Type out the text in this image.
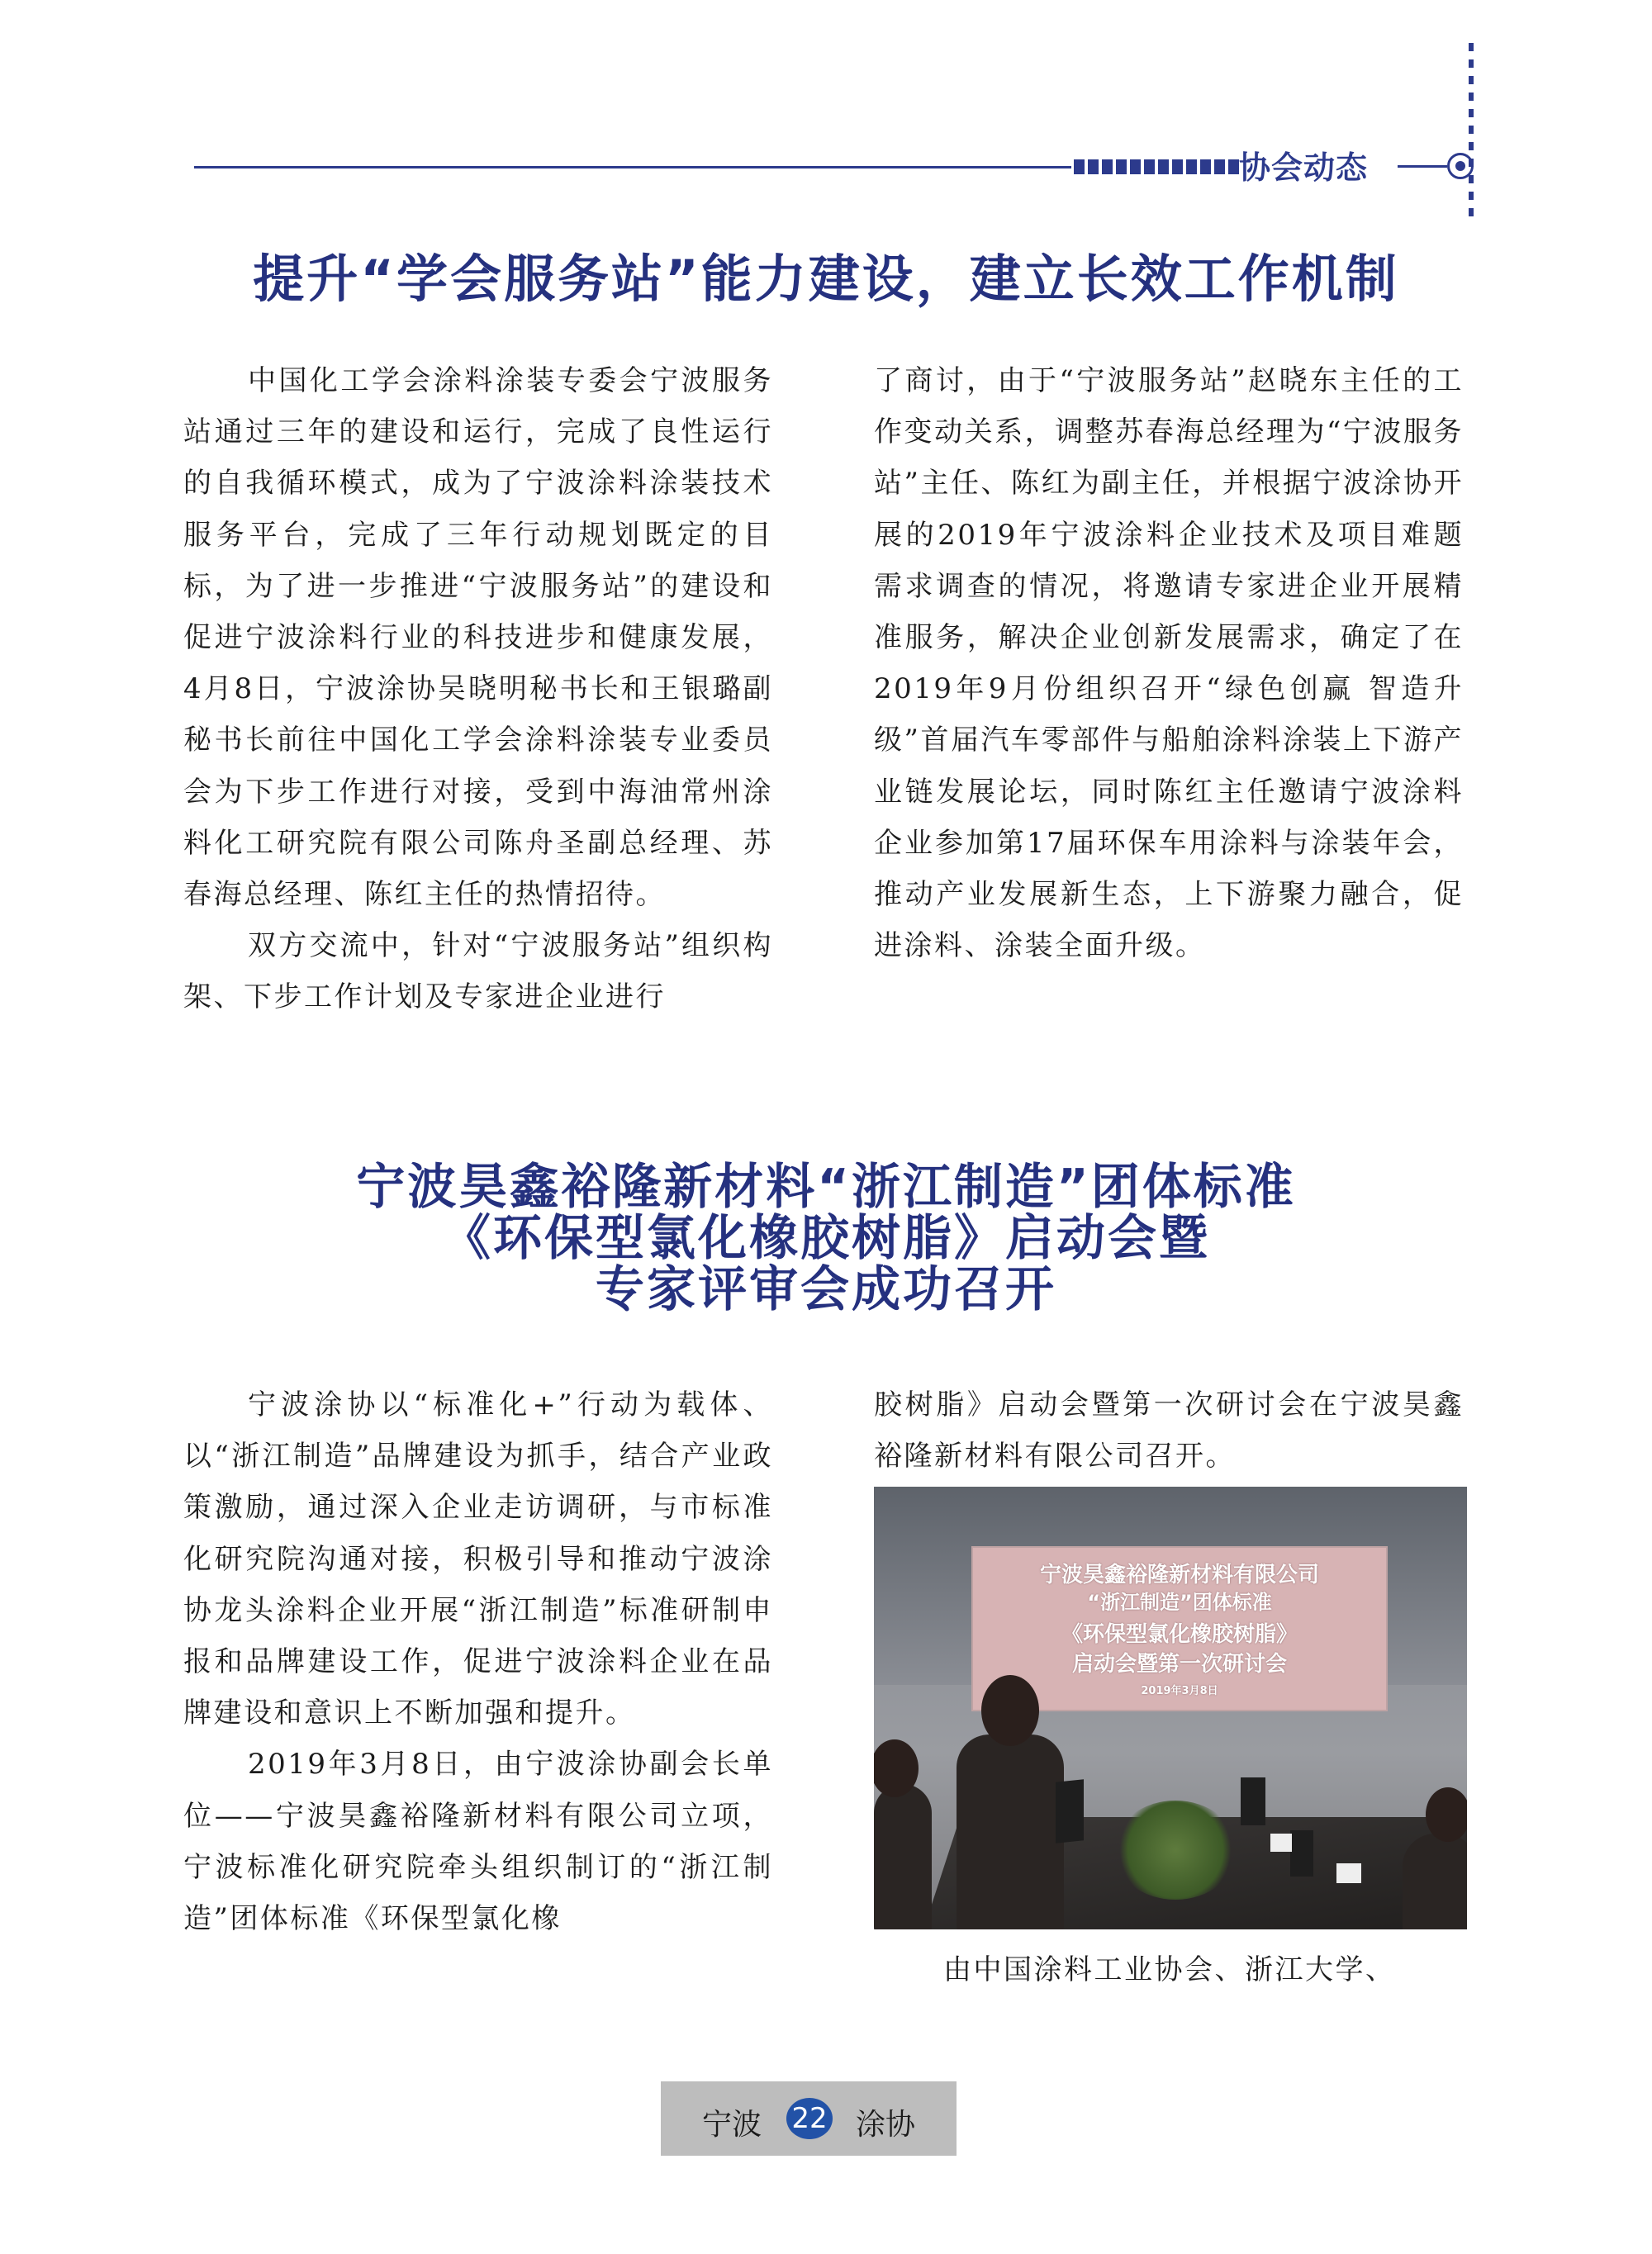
协会动态
提升“学会服务站”能力建设，建立长效工作机制

中国化工学会涂料涂装专委会宁波服务站通过三年的建设和运行，完成了良性运行的自我循环模式，成为了宁波涂料涂装技术服务平台，完成了三年行动规划既定的目标，为了进一步推进“宁波服务站”的建设和促进宁波涂料行业的科技进步和健康发展，4月8日，宁波涂协吴晓明秘书长和王银璐副秘书长前往中国化工学会涂料涂装专业委员会为下步工作进行对接，受到中海油常州涂料化工研究院有限公司陈舟圣副总经理、苏春海总经理、陈红主任的热情招待。

双方交流中，针对“宁波服务站”组织构架、下步工作计划及专家进企业进行

了商讨，由于“宁波服务站”赵晓东主任的工作变动关系，调整苏春海总经理为“宁波服务站”主任、陈红为副主任，并根据宁波涂协开展的2019年宁波涂料企业技术及项目难题需求调查的情况，将邀请专家进企业开展精准服务，解决企业创新发展需求，确定了在2019年9月份组织召开“绿色创赢 智造升级”首届汽车零部件与船舶涂料涂装上下游产业链发展论坛，同时陈红主任邀请宁波涂料企业参加第17届环保车用涂料与涂装年会，推动产业发展新生态，上下游聚力融合，促进涂料、涂装全面升级。

宁波昊鑫裕隆新材料“浙江制造”团体标准
《环保型氯化橡胶树脂》启动会暨
专家评审会成功召开

宁波涂协以“标准化+”行动为载体、以“浙江制造”品牌建设为抓手，结合产业政策激励，通过深入企业走访调研，与市标准化研究院沟通对接，积极引导和推动宁波涂协龙头涂料企业开展“浙江制造”标准研制申报和品牌建设工作，促进宁波涂料企业在品牌建设和意识上不断加强和提升。

2019年3月8日，由宁波涂协副会长单位——宁波昊鑫裕隆新材料有限公司立项，宁波标准化研究院牵头组织制订的“浙江制造”团体标准《环保型氯化橡

胶树脂》启动会暨第一次研讨会在宁波昊鑫裕隆新材料有限公司召开。

宁波昊鑫裕隆新材料有限公司
“浙江制造”团体标准
《环保型氯化橡胶树脂》
启动会暨第一次研讨会
2019年3月8日
由中国涂料工业协会、浙江大学、
宁波 22 涂协
